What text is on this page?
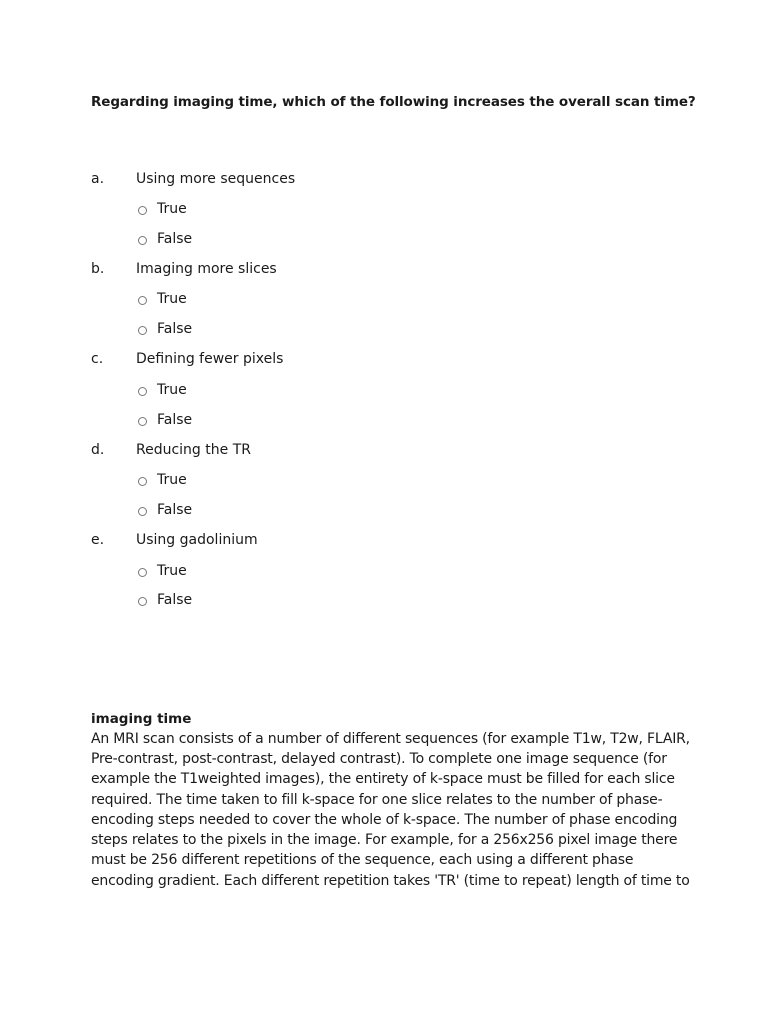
Regarding imaging time, which of the following increases the overall scan time?
a. Using more sequences
True
False
b. Imaging more slices
True
False
c. Defining fewer pixels
True
False
d. Reducing the TR
True
False
e. Using gadolinium
True
False
imaging time
An MRI scan consists of a number of different sequences (for example T1w, T2w, FLAIR,
Pre-contrast, post-contrast, delayed contrast). To complete one image sequence (for
example the T1weighted images), the entirety of k-space must be filled for each slice
required. The time taken to fill k-space for one slice relates to the number of phase-
encoding steps needed to cover the whole of k-space. The number of phase encoding
steps relates to the pixels in the image. For example, for a 256x256 pixel image there
must be 256 different repetitions of the sequence, each using a different phase
encoding gradient. Each different repetition takes 'TR' (time to repeat) length of time to
